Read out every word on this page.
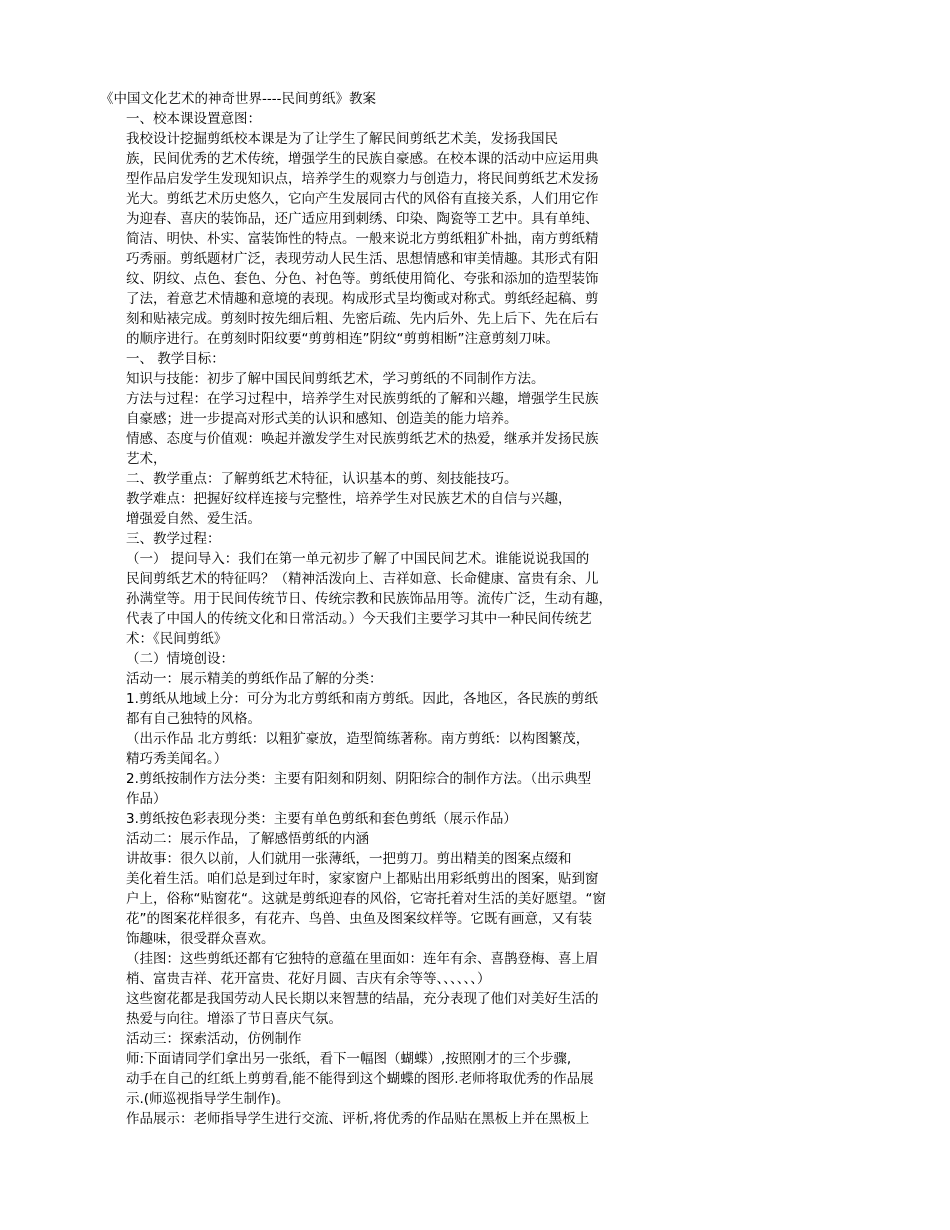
《中国文化艺术的神奇世界----民间剪纸》教案
一、校本课设置意图：
我校设计挖掘剪纸校本课是为了让学生了解民间剪纸艺术美，发扬我国民
族，民间优秀的艺术传统，增强学生的民族自豪感。在校本课的活动中应运用典
型作品启发学生发现知识点，培养学生的观察力与创造力，将民间剪纸艺术发扬
光大。剪纸艺术历史悠久，它向产生发展同古代的风俗有直接关系，人们用它作
为迎春、喜庆的装饰品，还广适应用到刺绣、印染、陶瓷等工艺中。具有单纯、
简洁、明快、朴实、富装饰性的特点。一般来说北方剪纸粗犷朴拙，南方剪纸精
巧秀丽。剪纸题材广泛，表现劳动人民生活、思想情感和审美情趣。其形式有阳
纹、阴纹、点色、套色、分色、衬色等。剪纸使用简化、夸张和添加的造型装饰
了法，着意艺术情趣和意境的表现。构成形式呈均衡或对称式。剪纸经起稿、剪
刻和贴裱完成。剪刻时按先细后粗、先密后疏、先内后外、先上后下、先在后右
的顺序进行。在剪刻时阳纹要“剪剪相连”阴纹“剪剪相断”注意剪刻刀味。
一、 教学目标：
知识与技能：初步了解中国民间剪纸艺术，学习剪纸的不同制作方法。
方法与过程：在学习过程中，培养学生对民族剪纸的了解和兴趣，增强学生民族
自豪感；进一步提高对形式美的认识和感知、创造美的能力培养。
情感、态度与价值观：唤起并激发学生对民族剪纸艺术的热爱，继承并发扬民族
艺术，
二、教学重点：了解剪纸艺术特征，认识基本的剪、刻技能技巧。
教学难点：把握好纹样连接与完整性，培养学生对民族艺术的自信与兴趣，
增强爱自然、爱生活。
三、教学过程：
（一） 提问导入：我们在第一单元初步了解了中国民间艺术。谁能说说我国的
民间剪纸艺术的特征吗？（精神活泼向上、吉祥如意、长命健康、富贵有余、儿
孙满堂等。用于民间传统节日、传统宗教和民族饰品用等。流传广泛，生动有趣，
代表了中国人的传统文化和日常活动。）今天我们主要学习其中一种民间传统艺
术：《民间剪纸》
（二）情境创设：
活动一：展示精美的剪纸作品了解的分类：
1.剪纸从地域上分：可分为北方剪纸和南方剪纸。因此，各地区，各民族的剪纸
都有自己独特的风格。
（出示作品 北方剪纸：以粗犷豪放，造型简练著称。南方剪纸：以构图繁茂，
精巧秀美闻名。）
2.剪纸按制作方法分类：主要有阳刻和阴刻、阴阳综合的制作方法。（出示典型
作品）
3.剪纸按色彩表现分类：主要有单色剪纸和套色剪纸（展示作品）
活动二：展示作品，了解感悟剪纸的内涵
讲故事：很久以前，人们就用一张薄纸，一把剪刀。剪出精美的图案点缀和
美化着生活。咱们总是到过年时，家家窗户上都贴出用彩纸剪出的图案，贴到窗
户上，俗称“贴窗花“。这就是剪纸迎春的风俗，它寄托着对生活的美好愿望。“窗
花”的图案花样很多，有花卉、鸟兽、虫鱼及图案纹样等。它既有画意，又有装
饰趣味，很受群众喜欢。
（挂图：这些剪纸还都有它独特的意蕴在里面如：连年有余、喜鹊登梅、喜上眉
梢、富贵吉祥、花开富贵、花好月圆、吉庆有余等等、、、、、、）
这些窗花都是我国劳动人民长期以来智慧的结晶，充分表现了他们对美好生活的
热爱与向往。增添了节日喜庆气氛。
活动三：探索活动，仿例制作
师:下面请同学们拿出另一张纸，看下一幅图（蝴蝶）,按照刚才的三个步骤,
动手在自己的红纸上剪剪看,能不能得到这个蝴蝶的图形.老师将取优秀的作品展
示.(师巡视指导学生制作)。
作品展示：老师指导学生进行交流、评析,将优秀的作品贴在黑板上并在黑板上
